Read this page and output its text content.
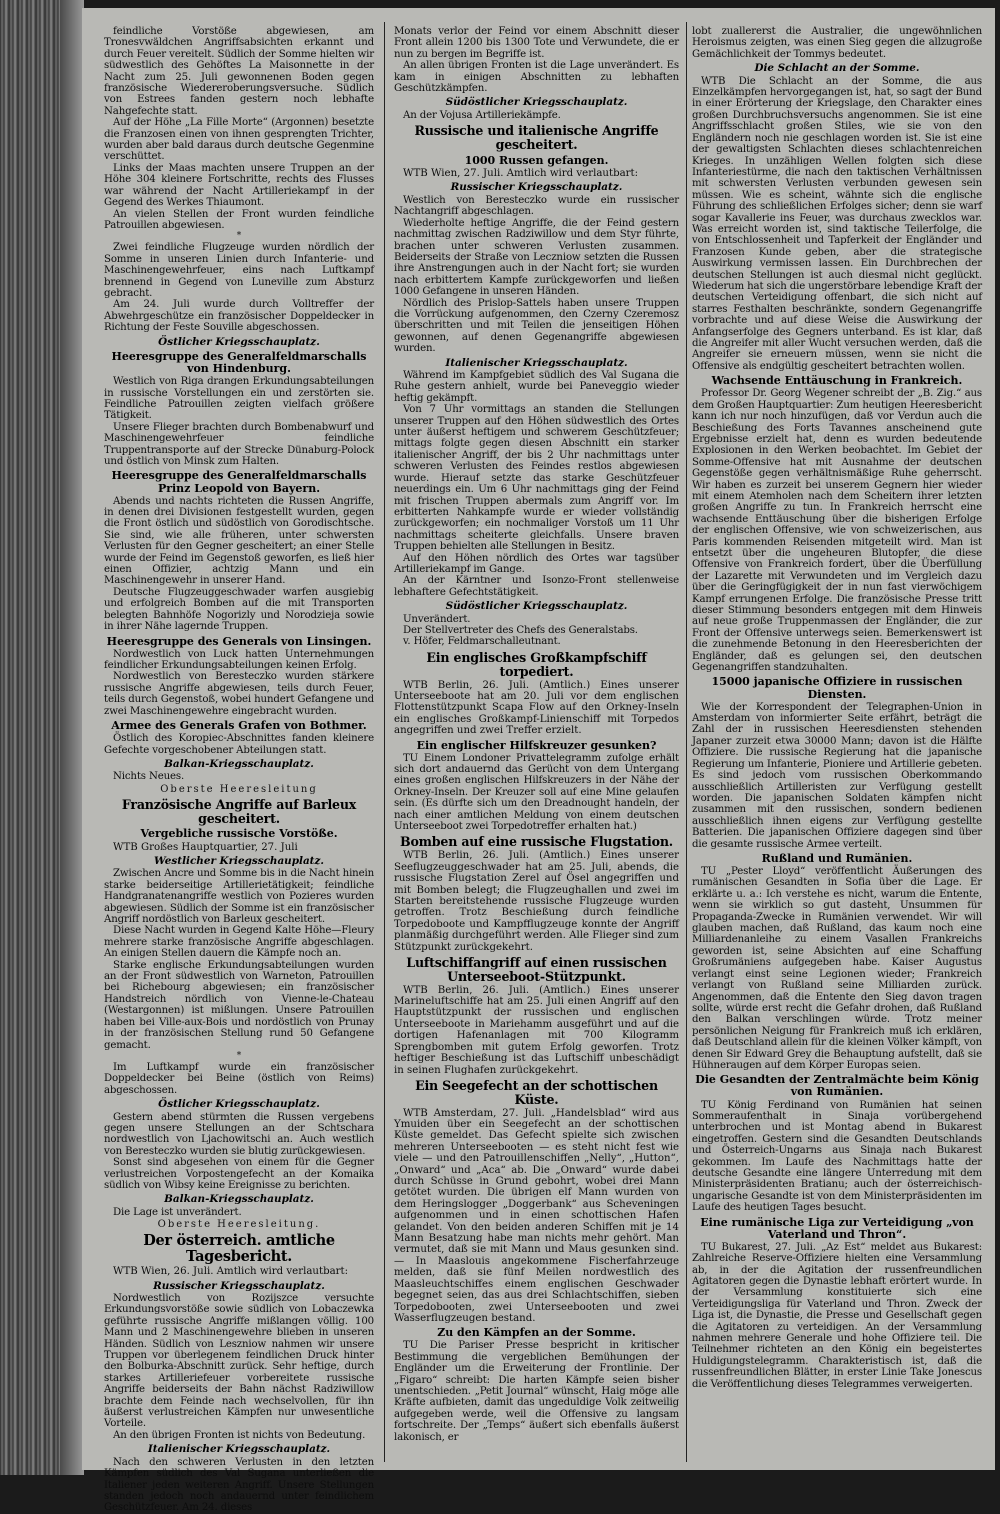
feindliche Vorstöße abgewiesen, am Tronesvwäldchen Angriffsabsichten erkannt und durch Feuer vereitelt. Südlich der Somme hielten wir südwestlich des Gehöftes La Maisonnette in der Nacht zum 25. Juli gewonnenen Boden gegen französische Wiedereroberungsversuche. Südlich von Estrees fanden gestern noch lebhafte Nahgefechte statt.
Auf der Höhe „La Fille Morte“ (Argonnen) besetzte die Franzosen einen von ihnen gesprengten Trichter, wurden aber bald daraus durch deutsche Gegenmine verschüttet.
Links der Maas machten unsere Truppen an der Höhe 304 kleinere Fortschritte, rechts des Flusses war während der Nacht Artilleriekampf in der Gegend des Werkes Thiaumont.
An vielen Stellen der Front wurden feindliche Patrouillen abgewiesen.
*
Zwei feindliche Flugzeuge wurden nördlich der Somme in unseren Linien durch Infanterie- und Maschinengewehrfeuer, eins nach Luftkampf brennend in Gegend von Luneville zum Absturz gebracht.
Am 24. Juli wurde durch Volltreffer der Abwehrgeschütze ein französischer Doppeldecker in Richtung der Feste Souville abgeschossen.
Östlicher Kriegsschauplatz.
Heeresgruppe des Generalfeldmarschalls von Hindenburg.
Westlich von Riga drangen Erkundungsabteilungen in russische Vorstellungen ein und zerstörten sie. Feindliche Patrouillen zeigten vielfach größere Tätigkeit.
Unsere Flieger brachten durch Bombenabwurf und Maschinengewehrfeuer feindliche Truppentransporte auf der Strecke Dünaburg-Polock und östlich von Minsk zum Halten.
Heeresgruppe des Generalfeldmarschalls Prinz Leopold von Bayern.
Abends und nachts richteten die Russen Angriffe, in denen drei Divisionen festgestellt wurden, gegen die Front östlich und südöstlich von Gorodischtsche. Sie sind, wie alle früheren, unter schwersten Verlusten für den Gegner gescheitert; an einer Stelle wurde der Feind im Gegenstoß geworfen, es ließ hier einen Offizier, achtzig Mann und ein Maschinengewehr in unserer Hand.
Deutsche Flugzeuggeschwader warfen ausgiebig und erfolgreich Bomben auf die mit Transporten belegten Bahnhöfe Nogorizly und Norodzieja sowie in ihrer Nähe lagernde Truppen.
Heeresgruppe des Generals von Linsingen.
Nordwestlich von Luck hatten Unternehmungen feindlicher Erkundungsabteilungen keinen Erfolg.
Nordwestlich von Beresteczko wurden stärkere russische Angriffe abgewiesen, teils durch Feuer, teils durch Gegenstoß, wobei hundert Gefangene und zwei Maschinengewehre eingebracht wurden.
Armee des Generals Grafen von Bothmer.
Östlich des Koropiec-Abschnittes fanden kleinere Gefechte vorgeschobener Abteilungen statt.
Balkan-Kriegsschauplatz.
Nichts Neues.
Oberste Heeresleitung
Französische Angriffe auf Barleux gescheitert.
Vergebliche russische Vorstöße.
WTB Großes Hauptquartier, 27. Juli
Westlicher Kriegsschauplatz.
Zwischen Ancre und Somme bis in die Nacht hinein starke beiderseitige Artillerietätigkeit; feindliche Handgranatenangriffe westlich von Pozieres wurden abgewiesen. Südlich der Somme ist ein französischer Angriff nordöstlich von Barleux gescheitert.
Diese Nacht wurden in Gegend Kalte Höhe—Fleury mehrere starke französische Angriffe abgeschlagen. An einigen Stellen dauern die Kämpfe noch an.
Starke englische Erkundungsabteilungen wurden an der Front südwestlich von Warneton, Patrouillen bei Richebourg abgewiesen; ein französischer Handstreich nördlich von Vienne-le-Chateau (Westargonnen) ist mißlungen. Unsere Patrouillen haben bei Ville-aux-Bois und nordöstlich von Prunay in der französischen Stellung rund 50 Gefangene gemacht.
*
Im Luftkampf wurde ein französischer Doppeldecker bei Beine (östlich von Reims) abgeschossen.
Östlicher Kriegsschauplatz.
Gestern abend stürmten die Russen vergebens gegen unsere Stellungen an der Schtschara nordwestlich von Ljachowitschi an. Auch westlich von Beresteczko wurden sie blutig zurückgewiesen.
Sonst sind abgesehen von einem für die Gegner verlustreichen Vorpostengefecht an der Komaika südlich von Wibsy keine Ereignisse zu berichten.
Balkan-Kriegsschauplatz.
Die Lage ist unverändert.
Oberste Heeresleitung.
Der österreich. amtliche Tagesbericht.
WTB Wien, 26. Juli. Amtlich wird verlautbart:
Russischer Kriegsschauplatz.
Nordwestlich von Rozijszce versuchte Erkundungsvorstöße sowie südlich von Lobaczewka geführte russische Angriffe mißlangen völlig. 100 Mann und 2 Maschinengewehre blieben in unseren Händen. Südlich von Leszniow nahmen wir unsere Truppen vor überlegenem feindlichen Druck hinter den Bolburka-Abschnitt zurück. Sehr heftige, durch starkes Artilleriefeuer vorbereitete russische Angriffe beiderseits der Bahn nächst Radziwillow brachte dem Feinde nach wechselvollen, für ihn äußerst verlustreichen Kämpfen nur unwesentliche Vorteile.
An den übrigen Fronten ist nichts von Bedeutung.
Italienischer Kriegsschauplatz.
Nach den schweren Verlusten in den letzten Kämpfen südlich des Val Sugana unterließen die Italiener jeden weiteren Angriff. Unsere Stellungen standen jedoch noch andauernd unter feindlichem Geschützfeuer. Am 24. dieses
Monats verlor der Feind vor einem Abschnitt dieser Front allein 1200 bis 1300 Tote und Verwundete, die er nun zu bergen im Begriffe ist.
An allen übrigen Fronten ist die Lage unverändert. Es kam in einigen Abschnitten zu lebhaften Geschützkämpfen.
Südöstlicher Kriegsschauplatz.
An der Vojusa Artilleriekämpfe.
Russische und italienische Angriffe gescheitert.
1000 Russen gefangen.
WTB Wien, 27. Juli. Amtlich wird verlautbart:
Russischer Kriegsschauplatz.
Westlich von Beresteczko wurde ein russischer Nachtangriff abgeschlagen.
Wiederholte heftige Angriffe, die der Feind gestern nachmittag zwischen Radziwillow und dem Styr führte, brachen unter schweren Verlusten zusammen. Beiderseits der Straße von Leczniow setzten die Russen ihre Anstrengungen auch in der Nacht fort; sie wurden nach erbittertem Kampfe zurückgeworfen und ließen 1000 Gefangene in unseren Händen.
Nördlich des Prislop-Sattels haben unsere Truppen die Vorrückung aufgenommen, den Czerny Czeremosz überschritten und mit Teilen die jenseitigen Höhen gewonnen, auf denen Gegenangriffe abgewiesen wurden.
Italienischer Kriegsschauplatz.
Während im Kampfgebiet südlich des Val Sugana die Ruhe gestern anhielt, wurde bei Paneveggio wieder heftig gekämpft.
Von 7 Uhr vormittags an standen die Stellungen unserer Truppen auf den Höhen südwestlich des Ortes unter äußerst heftigem und schwerem Geschützfeuer; mittags folgte gegen diesen Abschnitt ein starker italienischer Angriff, der bis 2 Uhr nachmittags unter schweren Verlusten des Feindes restlos abgewiesen wurde. Hierauf setzte das starke Geschützfeuer neuerdings ein. Um 6 Uhr nachmittags ging der Feind mit frischen Truppen abermals zum Angriff vor. Im erbitterten Nahkampfe wurde er wieder vollständig zurückgeworfen; ein nochmaliger Vorstoß um 11 Uhr nachmittags scheiterte gleichfalls. Unsere braven Truppen behielten alle Stellungen in Besitz.
Auf den Höhen nördlich des Ortes war tagsüber Artilleriekampf im Gange.
An der Kärntner und Isonzo-Front stellenweise lebhaftere Gefechtstätigkeit.
Südöstlicher Kriegsschauplatz.
Unverändert.
Der Stellvertreter des Chefs des Generalstabs.
v. Höfer, Feldmarschalleutnant.
Ein englisches Großkampfschiff torpediert.
WTB Berlin, 26. Juli. (Amtlich.) Eines unserer Unterseeboote hat am 20. Juli vor dem englischen Flottenstützpunkt Scapa Flow auf den Orkney-Inseln ein englisches Großkampf-Linienschiff mit Torpedos angegriffen und zwei Treffer erzielt.
Ein englischer Hilfskreuzer gesunken?
TU Einem Londoner Privattelegramm zufolge erhält sich dort andauernd das Gerücht von dem Untergang eines großen englischen Hilfskreuzers in der Nähe der Orkney-Inseln. Der Kreuzer soll auf eine Mine gelaufen sein. (Es dürfte sich um den Dreadnought handeln, der nach einer amtlichen Meldung von einem deutschen Unterseeboot zwei Torpedotreffer erhalten hat.)
Bomben auf eine russische Flugstation.
WTB Berlin, 26. Juli. (Amtlich.) Eines unserer Seeflugzeuggeschwader hat am 25. Juli, abends, die russische Flugstation Zerel auf Ösel angegriffen und mit Bomben belegt; die Flugzeughallen und zwei im Starten bereitstehende russische Flugzeuge wurden getroffen. Trotz Beschießung durch feindliche Torpedoboote und Kampfflugzeuge konnte der Angriff planmäßig durchgeführt werden. Alle Flieger sind zum Stützpunkt zurückgekehrt.
Luftschiffangriff auf einen russischen Unterseeboot-Stützpunkt.
WTB Berlin, 26. Juli. (Amtlich.) Eines unserer Marineluftschiffe hat am 25. Juli einen Angriff auf den Hauptstützpunkt der russischen und englischen Unterseeboote in Mariehamm ausgeführt und auf die dortigen Hafenanlagen mit 700 Kilogramm Sprengbomben mit gutem Erfolg geworfen. Trotz heftiger Beschießung ist das Luftschiff unbeschädigt in seinen Flughafen zurückgekehrt.
Ein Seegefecht an der schottischen Küste.
WTB Amsterdam, 27. Juli. „Handelsblad“ wird aus Ymuiden über ein Seegefecht an der schottischen Küste gemeldet. Das Gefecht spielte sich zwischen mehreren Unterseebooten — es steht nicht fest wie viele — und den Patrouillenschiffen „Nelly“, „Hutton“, „Onward“ und „Aca“ ab. Die „Onward“ wurde dabei durch Schüsse in Grund gebohrt, wobei drei Mann getötet wurden. Die übrigen elf Mann wurden von dem Heringslogger „Doggerbank“ aus Scheveningen aufgenommen und in einen schottischen Hafen gelandet. Von den beiden anderen Schiffen mit je 14 Mann Besatzung habe man nichts mehr gehört. Man vermutet, daß sie mit Mann und Maus gesunken sind. — In Maaslouis angekommene Fischerfahrzeuge melden, daß sie fünf Meilen nordwestlich des Maasleuchtschiffes einem englischen Geschwader begegnet seien, das aus drei Schlachtschiffen, sieben Torpedobooten, zwei Unterseebooten und zwei Wasserflugzeugen bestand.
Zu den Kämpfen an der Somme.
TU Die Pariser Presse bespricht in kritischer Bestimmung die vergeblichen Bemühungen der Engländer um die Erweiterung der Frontlinie. Der „Figaro“ schreibt: Die harten Kämpfe seien bisher unentschieden. „Petit Journal“ wünscht, Haig möge alle Kräfte aufbieten, damit das ungeduldige Volk zeitweilig aufgegeben werde, weil die Offensive zu langsam fortschreite. Der „Temps“ äußert sich ebenfalls äußerst lakonisch, er
lobt zuallererst die Australier, die ungewöhnlichen Heroismus zeigten, was einen Sieg gegen die allzugroße Gemächlichkeit der Tommys bedeutet.
Die Schlacht an der Somme.
WTB Die Schlacht an der Somme, die aus Einzelkämpfen hervorgegangen ist, hat, so sagt der Bund in einer Erörterung der Kriegslage, den Charakter eines großen Durchbruchsversuchs angenommen. Sie ist eine Angriffsschlacht großen Stiles, wie sie von den Engländern noch nie geschlagen worden ist. Sie ist eine der gewaltigsten Schlachten dieses schlachtenreichen Krieges. In unzähligen Wellen folgten sich diese Infanteriestürme, die nach den taktischen Verhältnissen mit schwersten Verlusten verbunden gewesen sein müssen. Wie es scheint, wähnte sich die englische Führung des schließlichen Erfolges sicher; denn sie warf sogar Kavallerie ins Feuer, was durchaus zwecklos war. Was erreicht worden ist, sind taktische Teilerfolge, die von Entschlossenheit und Tapferkeit der Engländer und Franzosen Kunde geben, aber die strategische Auswirkung vermissen lassen. Ein Durchbrechen der deutschen Stellungen ist auch diesmal nicht geglückt. Wiederum hat sich die ungerstörbare lebendige Kraft der deutschen Verteidigung offenbart, die sich nicht auf starres Festhalten beschränkte, sondern Gegenangriffe vorbrachte und auf diese Weise die Auswirkung der Anfangserfolge des Gegners unterband. Es ist klar, daß die Angreifer mit aller Wucht versuchen werden, daß die Angreifer sie erneuern müssen, wenn sie nicht die Offensive als endgültig gescheitert betrachten wollen.
Wachsende Enttäuschung in Frankreich.
Professor Dr. Georg Wegener schreibt der „B. Zig.“ aus dem Großen Hauptquartier: Zum heutigen Heeresbericht kann ich nur noch hinzufügen, daß vor Verdun auch die Beschießung des Forts Tavannes anscheinend gute Ergebnisse erzielt hat, denn es wurden bedeutende Explosionen in den Werken beobachtet. Im Gebiet der Somme-Offensive hat mit Ausnahme der deutschen Gegenstöße gegen verhältnismäßige Ruhe geherrscht. Wir haben es zurzeit bei unserem Gegnern hier wieder mit einem Atemholen nach dem Scheitern ihrer letzten großen Angriffe zu tun. In Frankreich herrscht eine wachsende Enttäuschung über die bisherigen Erfolge der englischen Offensive, wie von schweizerischen, aus Paris kommenden Reisenden mitgeteilt wird. Man ist entsetzt über die ungeheuren Blutopfer, die diese Offensive von Frankreich fordert, über die Überfüllung der Lazarette mit Verwundeten und im Vergleich dazu über die Geringfügigkeit der in nun fast vierwöchigem Kampf errungenen Erfolge. Die französische Presse tritt dieser Stimmung besonders entgegen mit dem Hinweis auf neue große Truppenmassen der Engländer, die zur Front der Offensive unterwegs seien. Bemerkenswert ist die zunehmende Betonung in den Heeresberichten der Engländer, daß es gelungen sei, den deutschen Gegenangriffen standzuhalten.
15000 japanische Offiziere in russischen Diensten.
Wie der Korrespondent der Telegraphen-Union in Amsterdam von informierter Seite erfährt, beträgt die Zahl der in russischen Heeresdiensten stehenden Japaner zurzeit etwa 30000 Mann; davon ist die Hälfte Offiziere. Die russische Regierung hat die japanische Regierung um Infanterie, Pioniere und Artillerie gebeten. Es sind jedoch vom russischen Oberkommando ausschließlich Artilleristen zur Verfügung gestellt worden. Die japanischen Soldaten kämpfen nicht zusammen mit den russischen, sondern bedienen ausschließlich ihnen eigens zur Verfügung gestellte Batterien. Die japanischen Offiziere dagegen sind über die gesamte russische Armee verteilt.
Rußland und Rumänien.
TU „Pester Lloyd“ veröffentlicht Äußerungen des rumänischen Gesandten in Sofia über die Lage. Er erklärte u. a.: Ich verstehe es nicht, warum die Entente, wenn sie wirklich so gut dasteht, Unsummen für Propaganda-Zwecke in Rumänien verwendet. Wir will glauben machen, daß Rußland, das kaum noch eine Milliardenanleihe zu einem Vasallen Frankreichs geworden ist, seine Absichten auf eine Schaffung Großrumäniens aufgegeben habe. Kaiser Augustus verlangt einst seine Legionen wieder; Frankreich verlangt von Rußland seine Milliarden zurück. Angenommen, daß die Entente den Sieg davon tragen sollte, würde erst recht die Gefahr drohen, daß Rußland den Balkan verschlingen würde. Trotz meiner persönlichen Neigung für Frankreich muß ich erklären, daß Deutschland allein für die kleinen Völker kämpft, von denen Sir Edward Grey die Behauptung aufstellt, daß sie Hühneraugen auf dem Körper Europas seien.
Die Gesandten der Zentralmächte beim König von Rumänien.
TU König Ferdinand von Rumänien hat seinen Sommeraufenthalt in Sinaja vorübergehend unterbrochen und ist Montag abend in Bukarest eingetroffen. Gestern sind die Gesandten Deutschlands und Österreich-Ungarns aus Sinaja nach Bukarest gekommen. Im Laufe des Nachmittags hatte der deutsche Gesandte eine längere Unterredung mit dem Ministerpräsidenten Bratianu; auch der österreichisch-ungarische Gesandte ist von dem Ministerpräsidenten im Laufe des heutigen Tages besucht.
Eine rumänische Liga zur Verteidigung „von Vaterland und Thron“.
TU Bukarest, 27. Juli. „Az Est“ meldet aus Bukarest: Zahlreiche Reserve-Offiziere hielten eine Versammlung ab, in der die Agitation der russenfreundlichen Agitatoren gegen die Dynastie lebhaft erörtert wurde. In der Versammlung konstituierte sich eine Verteidigungsliga für Vaterland und Thron. Zweck der Liga ist, die Dynastie, die Presse und Gesellschaft gegen die Agitatoren zu verteidigen. An der Versammlung nahmen mehrere Generale und hohe Offiziere teil. Die Teilnehmer richteten an den König ein begeistertes Huldigungstelegramm. Charakteristisch ist, daß die russenfreundlichen Blätter, in erster Linie Take Jonescus die Veröffentlichung dieses Telegrammes verweigerten.
